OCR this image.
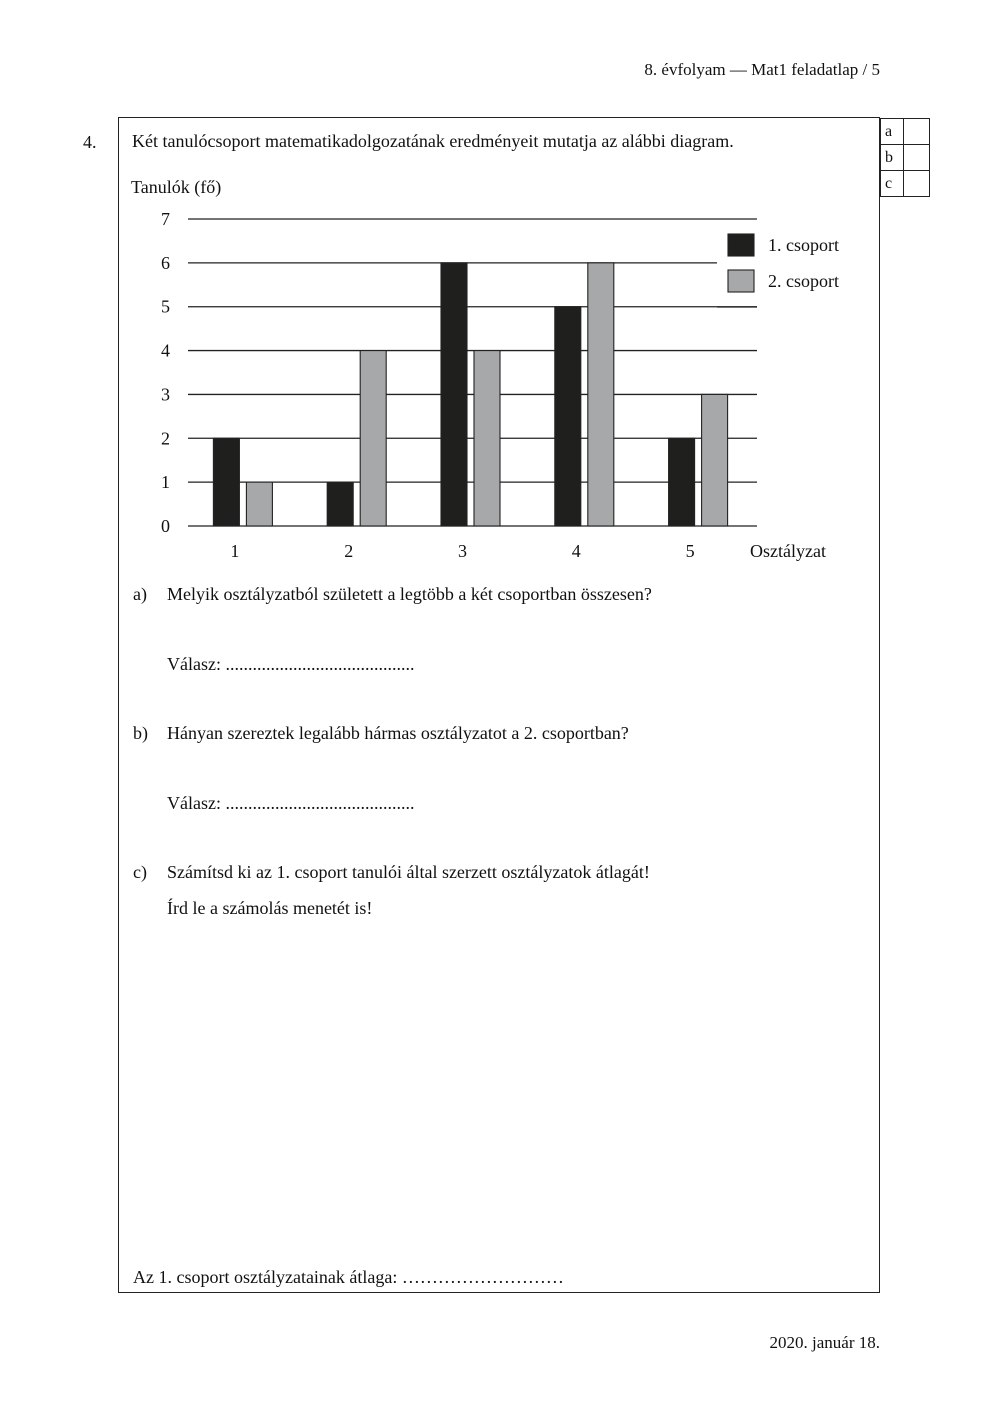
8. évfolyam — Mat1 feladatlap / 5
4.
a	
b	
c	
Két tanulócsoport matematikadolgozatának eredményeit mutatja az alábbi diagram.
Tanulók (fő)
0
1
2
3
4
5
6
7
1	2	3	4	5	Osztályzat
1. csoport
2. csoport
a) Melyik osztályzatból született a legtöbb a két csoportban összesen?
Válasz: ..........................................
b) Hányan szereztek legalább hármas osztályzatot a 2. csoportban?
Válasz: ..........................................
c) Számítsd ki az 1. csoport tanulói által szerzett osztályzatok átlagát!
Írd le a számolás menetét is!
Az 1. csoport osztályzatainak átlaga: ………………………
2020. január 18.
